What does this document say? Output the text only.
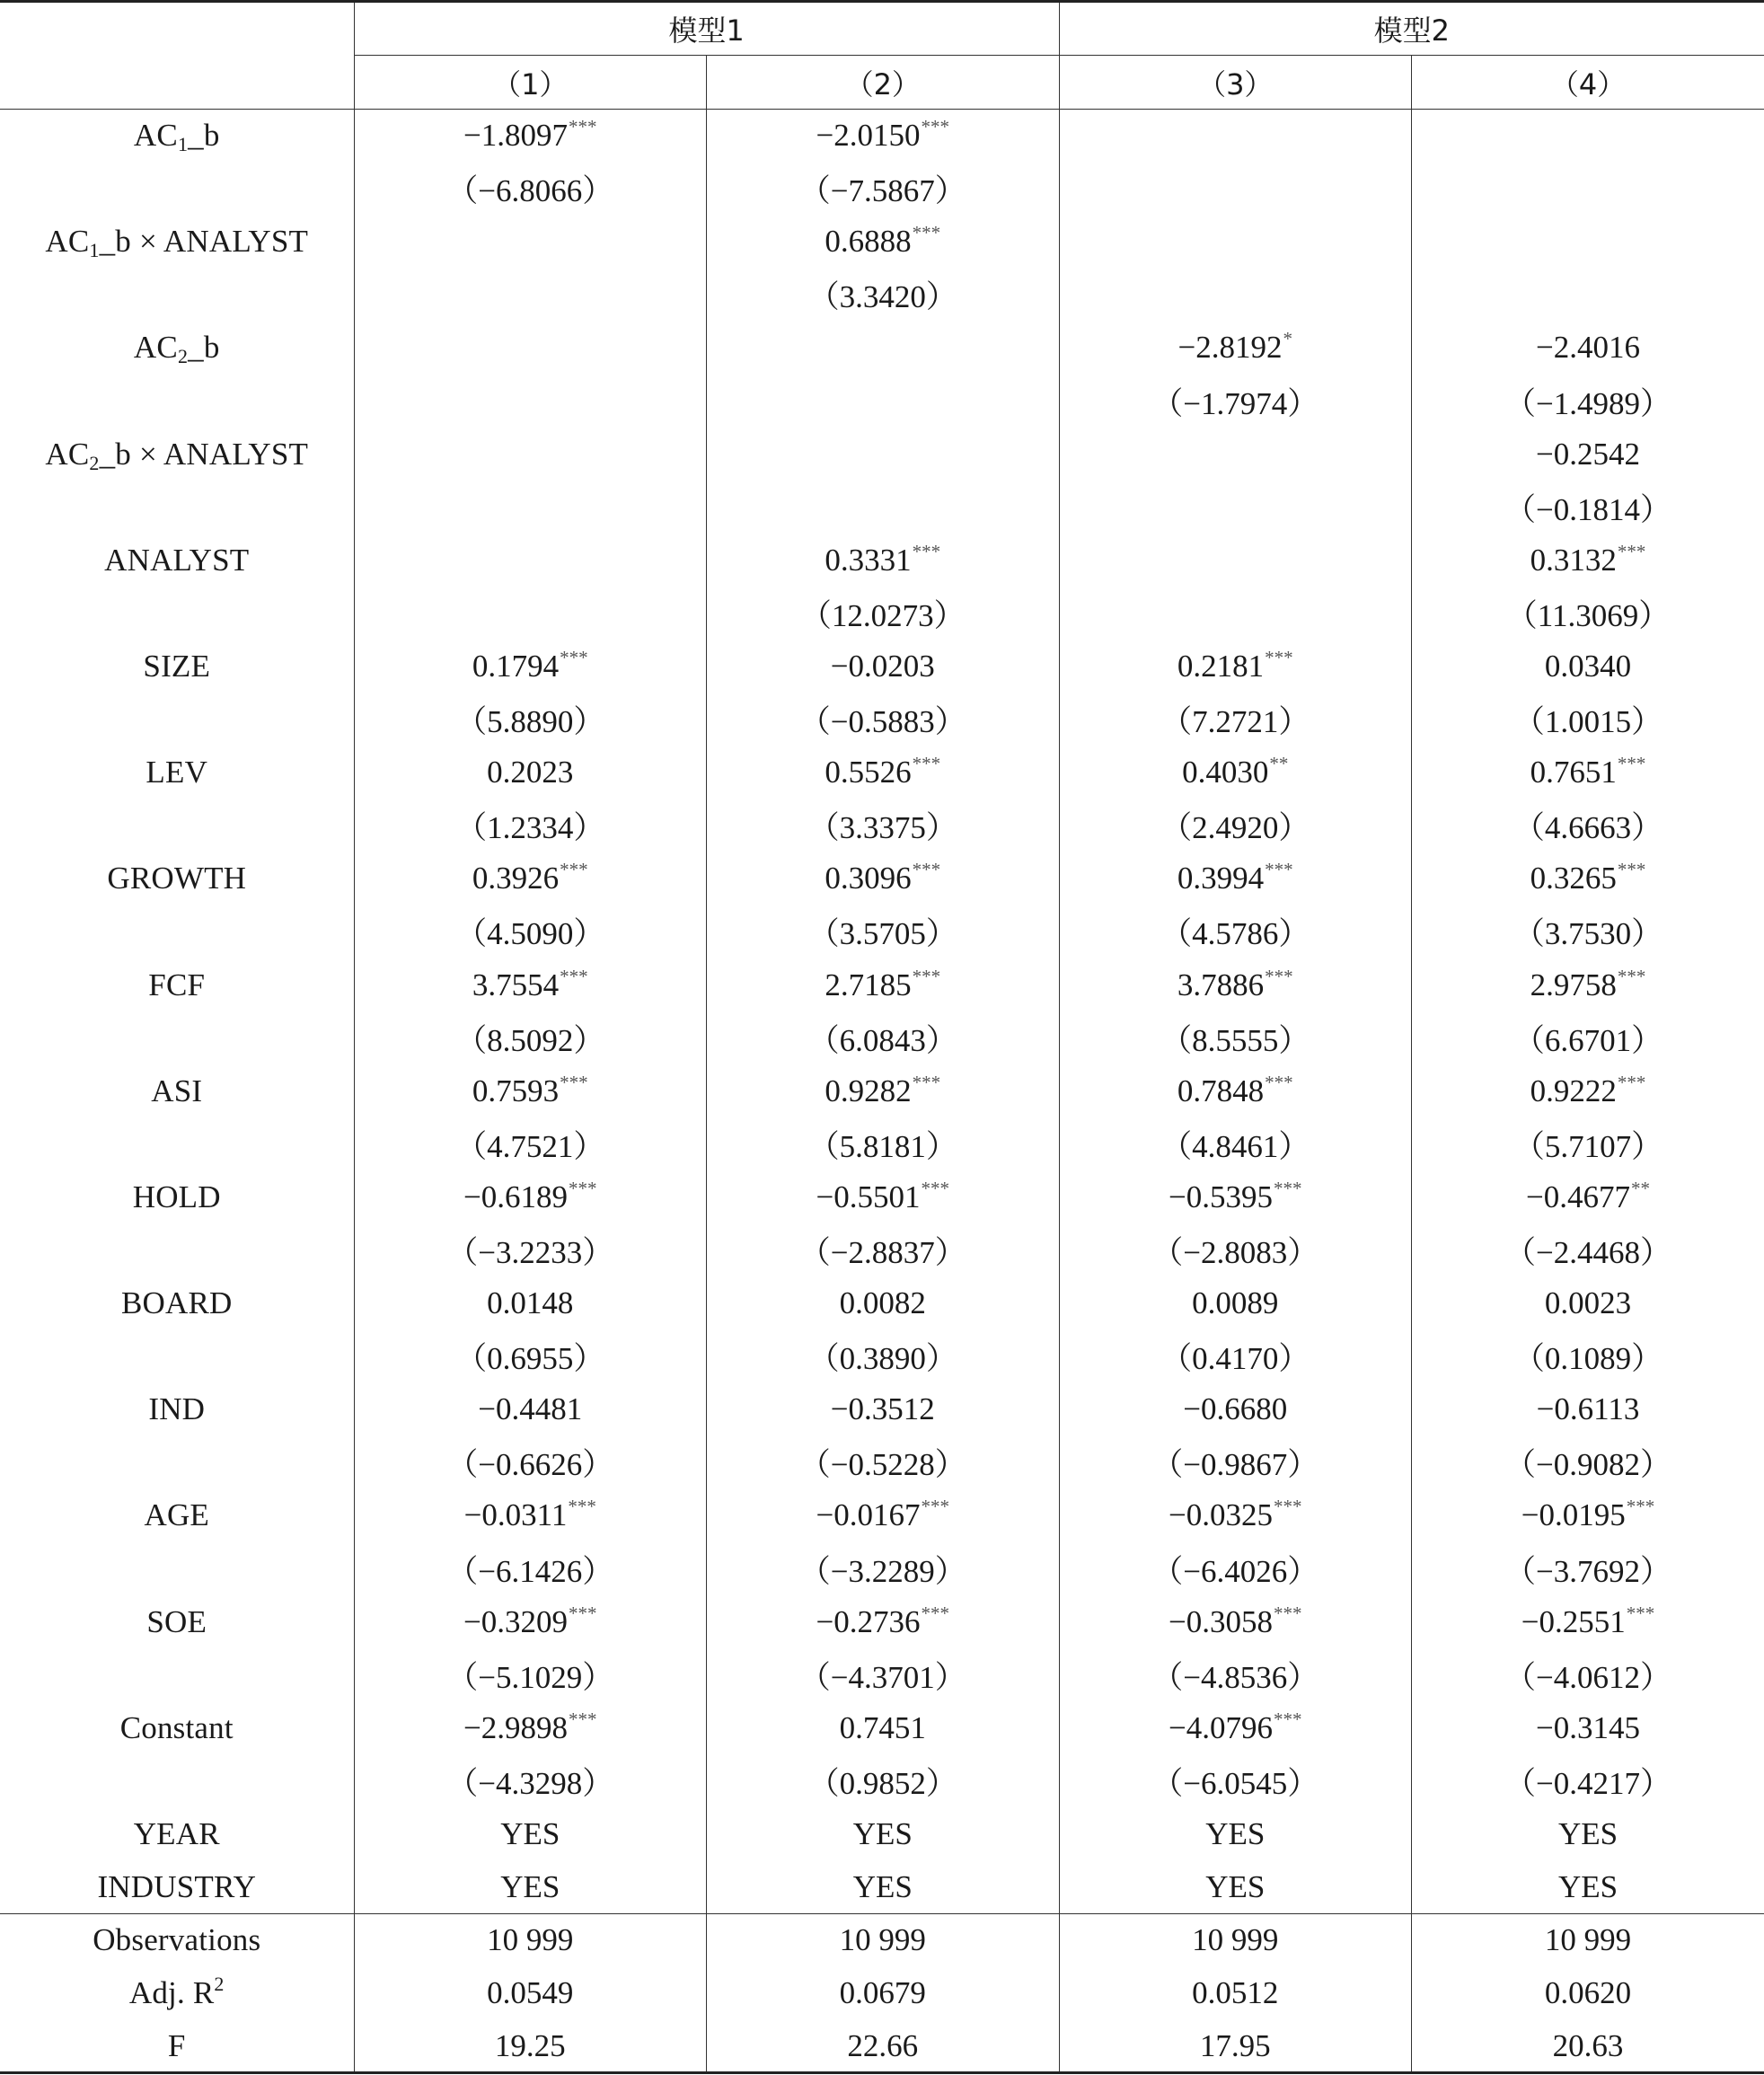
	模型1		模型2	
	（1）	（2）	（3）	（4）
$AC_1\_b$	−1.8097***	−2.0150***		
	（−6.8066）	（−7.5867）		
$AC_1\_b$ × ANALYST		0.6888***		
		（3.3420）		
$AC_2\_b$			−2.8192*	−2.4016
			（−1.7974）	（−1.4989）
$AC_2\_b$ × ANALYST				−0.2542
				（−0.1814）
ANALYST		0.3331***		0.3132***
		（12.0273）		（11.3069）
SIZE	0.1794***	−0.0203	0.2181***	0.0340
	（5.8890）	（−0.5883）	（7.2721）	（1.0015）
LEV	0.2023	0.5526***	0.4030**	0.7651***
	（1.2334）	（3.3375）	（2.4920）	（4.6663）
GROWTH	0.3926***	0.3096***	0.3994***	0.3265***
	（4.5090）	（3.5705）	（4.5786）	（3.7530）
FCF	3.7554***	2.7185***	3.7886***	2.9758***
	（8.5092）	（6.0843）	（8.5555）	（6.6701）
ASI	0.7593***	0.9282***	0.7848***	0.9222***
	（4.7521）	（5.8181）	（4.8461）	（5.7107）
HOLD	−0.6189***	−0.5501***	−0.5395***	−0.4677**
	（−3.2233）	（−2.8837）	（−2.8083）	（−2.4468）
BOARD	0.0148	0.0082	0.0089	0.0023
	（0.6955）	（0.3890）	（0.4170）	（0.1089）
IND	−0.4481	−0.3512	−0.6680	−0.6113
	（−0.6626）	（−0.5228）	（−0.9867）	（−0.9082）
AGE	−0.0311***	−0.0167***	−0.0325***	−0.0195***
	（−6.1426）	（−3.2289）	（−6.4026）	（−3.7692）
SOE	−0.3209***	−0.2736***	−0.3058***	−0.2551***
	（−5.1029）	（−4.3701）	（−4.8536）	（−4.0612）
Constant	−2.9898***	0.7451	−4.0796***	−0.3145
	（−4.3298）	（0.9852）	（−6.0545）	（−0.4217）
YEAR	YES	YES	YES	YES
INDUSTRY	YES	YES	YES	YES
Observations	10 999	10 999	10 999	10 999
Adj. $R^2$	0.0549	0.0679	0.0512	0.0620
F	19.25	22.66	17.95	20.63
